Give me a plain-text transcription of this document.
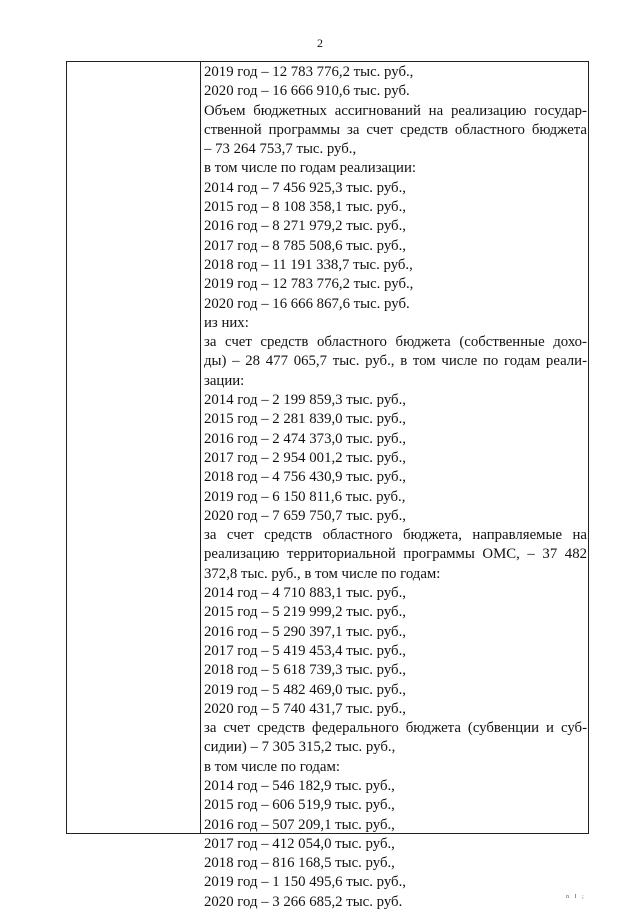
2
2019 год – 12 783 776,2 тыс. руб.,
2020 год – 16 666 910,6 тыс. руб.
Объем бюджетных ассигнований на реализацию государ-
ственной программы за счет средств областного бюджета
– 73 264 753,7 тыс. руб.,
в том числе по годам реализации:
2014 год – 7 456 925,3 тыс. руб.,
2015 год – 8 108 358,1 тыс. руб.,
2016 год – 8 271 979,2 тыс. руб.,
2017 год – 8 785 508,6 тыс. руб.,
2018 год – 11 191 338,7 тыс. руб.,
2019 год – 12 783 776,2 тыс. руб.,
2020 год – 16 666 867,6 тыс. руб.
из них:
за счет средств областного бюджета (собственные дохо-
ды) – 28 477 065,7 тыс. руб., в том числе по годам реали-
зации:
2014 год – 2 199 859,3 тыс. руб.,
2015 год – 2 281 839,0 тыс. руб.,
2016 год – 2 474 373,0 тыс. руб.,
2017 год – 2 954 001,2 тыс. руб.,
2018 год – 4 756 430,9 тыс. руб.,
2019 год – 6 150 811,6 тыс. руб.,
2020 год – 7 659 750,7 тыс. руб.,
за счет средств областного бюджета, направляемые на
реализацию территориальной программы ОМС, – 37 482
372,8 тыс. руб., в том числе по годам:
2014 год – 4 710 883,1 тыс. руб.,
2015 год – 5 219 999,2 тыс. руб.,
2016 год – 5 290 397,1 тыс. руб.,
2017 год – 5 419 453,4 тыс. руб.,
2018 год – 5 618 739,3 тыс. руб.,
2019 год – 5 482 469,0 тыс. руб.,
2020 год – 5 740 431,7 тыс. руб.,
за счет средств федерального бюджета (субвенции и суб-
сидии) – 7 305 315,2 тыс. руб.,
в том числе по годам:
2014 год – 546 182,9 тыс. руб.,
2015 год – 606 519,9 тыс. руб.,
2016 год – 507 209,1 тыс. руб.,
2017 год – 412 054,0 тыс. руб.,
2018 год – 816 168,5 тыс. руб.,
2019 год – 1 150 495,6 тыс. руб.,
2020 год – 3 266 685,2 тыс. руб.	n I ;
